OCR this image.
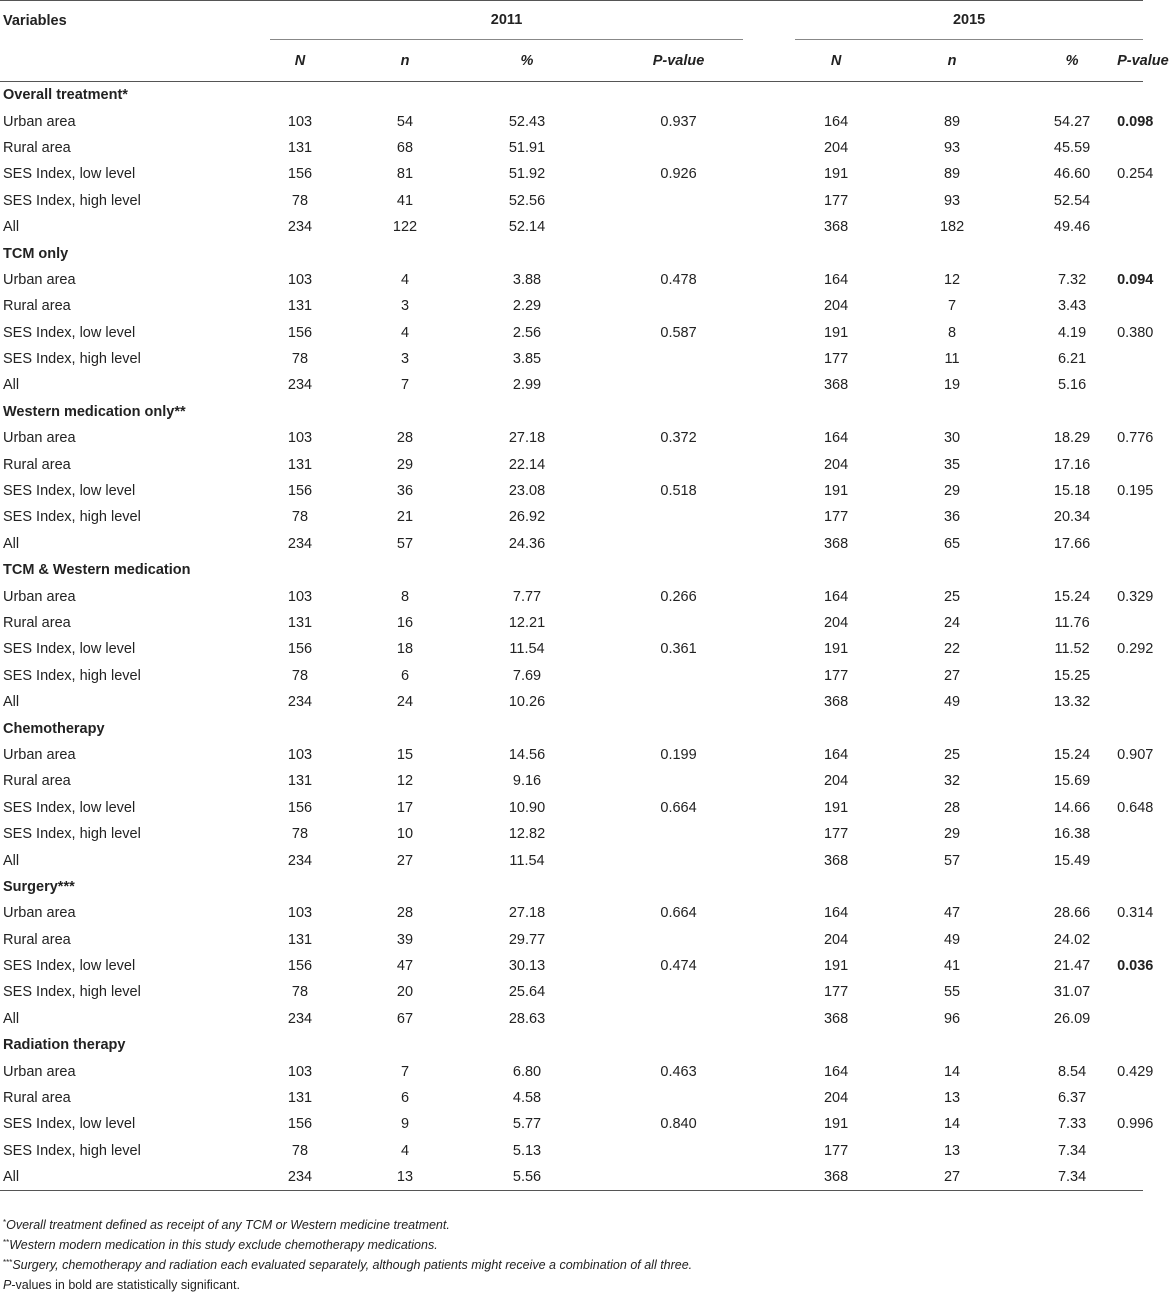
Variables	2011						2015			

	N	n	%		P-value		N	n	%	P-value
Overall treatment*										
Urban area	103	54	52.43		0.937		164	89	54.27	0.098
Rural area	131	68	51.91				204	93	45.59	
SES Index, low level	156	81	51.92		0.926		191	89	46.60	0.254
SES Index, high level	78	41	52.56				177	93	52.54	
All	234	122	52.14				368	182	49.46	
TCM only										
Urban area	103	4	3.88		0.478		164	12	7.32	0.094
Rural area	131	3	2.29				204	7	3.43	
SES Index, low level	156	4	2.56		0.587		191	8	4.19	0.380
SES Index, high level	78	3	3.85				177	11	6.21	
All	234	7	2.99				368	19	5.16	
Western medication only**										
Urban area	103	28	27.18		0.372		164	30	18.29	0.776
Rural area	131	29	22.14				204	35	17.16	
SES Index, low level	156	36	23.08		0.518		191	29	15.18	0.195
SES Index, high level	78	21	26.92				177	36	20.34	
All	234	57	24.36				368	65	17.66	
TCM & Western medication										
Urban area	103	8	7.77		0.266		164	25	15.24	0.329
Rural area	131	16	12.21				204	24	11.76	
SES Index, low level	156	18	11.54		0.361		191	22	11.52	0.292
SES Index, high level	78	6	7.69				177	27	15.25	
All	234	24	10.26				368	49	13.32	
Chemotherapy										
Urban area	103	15	14.56		0.199		164	25	15.24	0.907
Rural area	131	12	9.16				204	32	15.69	
SES Index, low level	156	17	10.90		0.664		191	28	14.66	0.648
SES Index, high level	78	10	12.82				177	29	16.38	
All	234	27	11.54				368	57	15.49	
Surgery***										
Urban area	103	28	27.18		0.664		164	47	28.66	0.314
Rural area	131	39	29.77				204	49	24.02	
SES Index, low level	156	47	30.13		0.474		191	41	21.47	0.036
SES Index, high level	78	20	25.64				177	55	31.07	
All	234	67	28.63				368	96	26.09	
Radiation therapy										
Urban area	103	7	6.80		0.463		164	14	8.54	0.429
Rural area	131	6	4.58				204	13	6.37	
SES Index, low level	156	9	5.77		0.840		191	14	7.33	0.996
SES Index, high level	78	4	5.13				177	13	7.34	
All	234	13	5.56				368	27	7.34	
*Overall treatment defined as receipt of any TCM or Western medicine treatment.
**Western modern medication in this study exclude chemotherapy medications.
***Surgery, chemotherapy and radiation each evaluated separately, although patients might receive a combination of all three.
P-values in bold are statistically significant.
